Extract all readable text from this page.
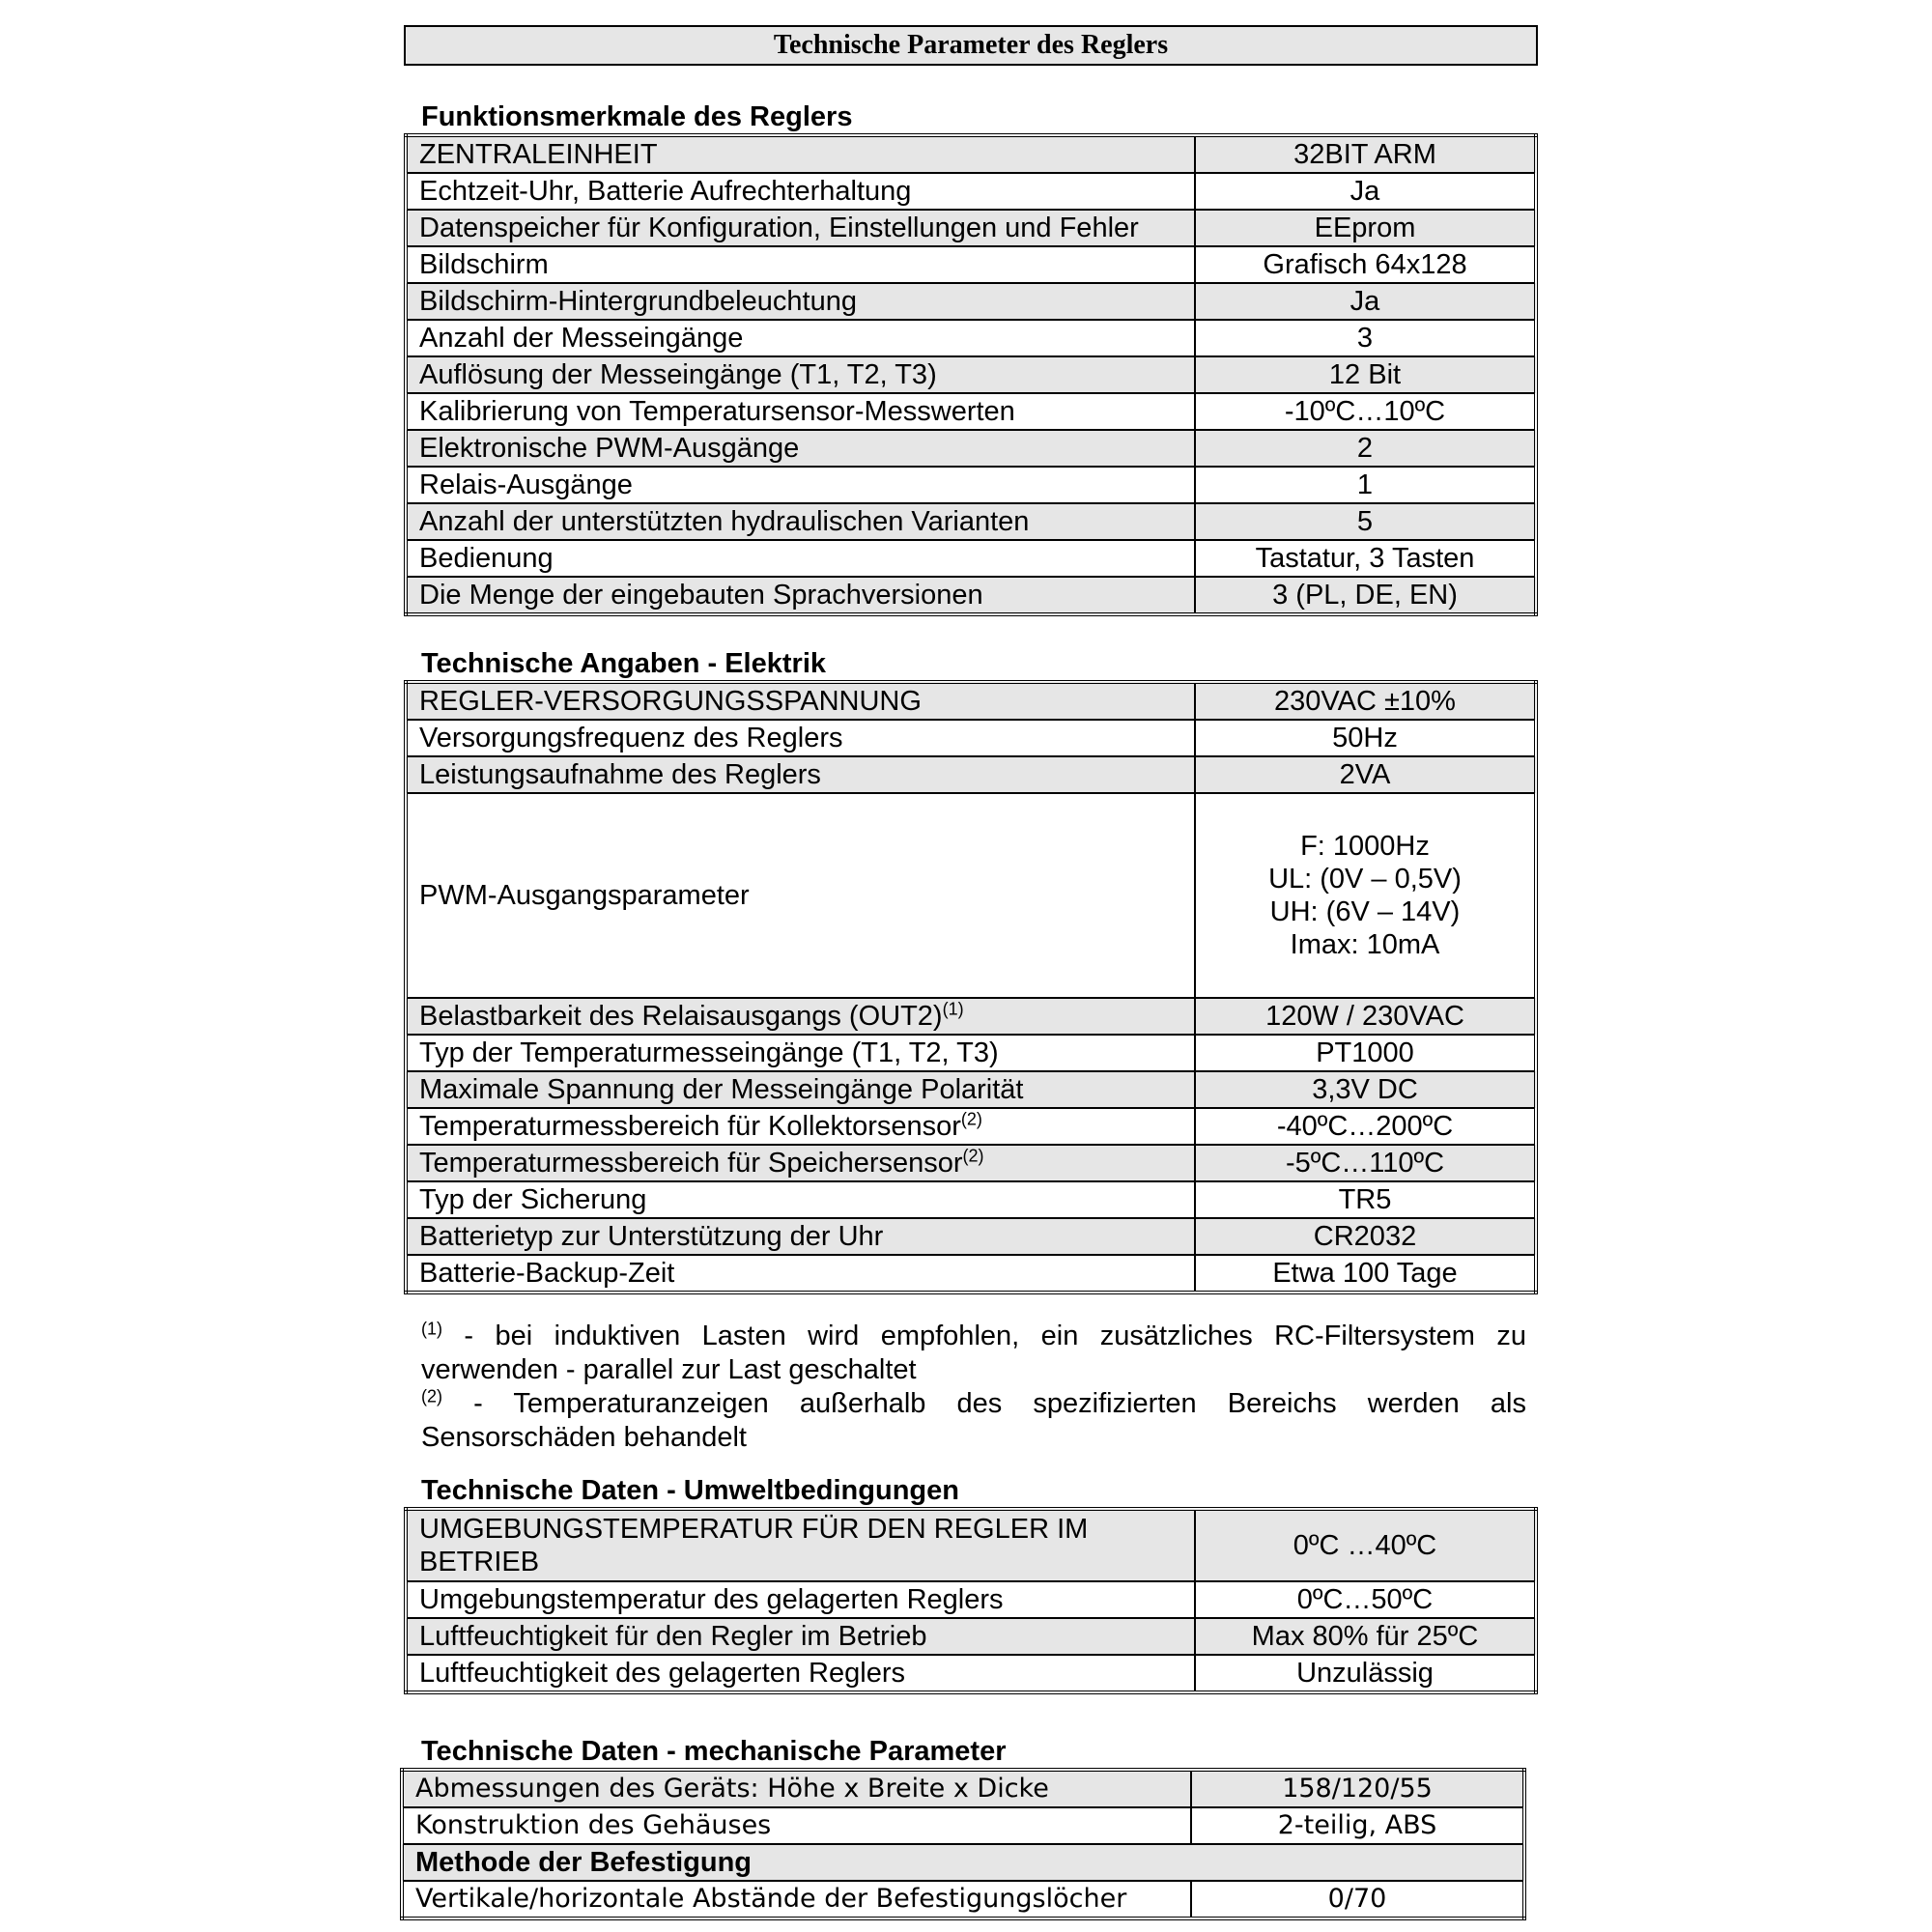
Technische Parameter des Reglers
Funktionsmerkmale des Reglers
ZENTRALEINHEIT	32BIT ARM
Echtzeit-Uhr, Batterie Aufrechterhaltung	Ja
Datenspeicher für Konfiguration, Einstellungen und Fehler	EEprom
Bildschirm	Grafisch 64x128
Bildschirm-Hintergrundbeleuchtung	Ja
Anzahl der Messeingänge	3
Auflösung der Messeingänge (T1, T2, T3)	12 Bit
Kalibrierung von Temperatursensor-Messwerten	-10ºC…10ºC
Elektronische PWM-Ausgänge	2
Relais-Ausgänge	1
Anzahl der unterstützten hydraulischen Varianten	5
Bedienung	Tastatur, 3 Tasten
Die Menge der eingebauten Sprachversionen	3 (PL, DE, EN)
Technische Angaben - Elektrik
REGLER-VERSORGUNGSSPANNUNG	230VAC ±10%
Versorgungsfrequenz des Reglers	50Hz
Leistungsaufnahme des Reglers	2VA
PWM-Ausgangsparameter	F: 1000Hz
UL: (0V – 0,5V)
UH: (6V – 14V)
Imax: 10mA

Belastbarkeit des Relaisausgangs $(OUT2)^{(1)}$	120W / 230VAC
Typ der Temperaturmesseingänge (T1, T2, T3)	PT1000
Maximale Spannung der Messeingänge Polarität	3,3V DC
Temperaturmessbereich für Kollektorsensor$^{(2)}$	-40ºC…200ºC
Temperaturmessbereich für Speichersensor$^{(2)}$	-5ºC…110ºC
Typ der Sicherung	TR5
Batterietyp zur Unterstützung der Uhr	CR2032
Batterie-Backup-Zeit	Etwa 100 Tage

$^{(1)}$ - bei induktiven Lasten wird empfohlen, ein zusätzliches RC-Filtersystem zu verwenden - parallel zur Last geschaltet

$^{(2)}$ - Temperaturanzeigen außerhalb des spezifizierten Bereichs werden als Sensorschäden behandelt

Technische Daten - Umweltbedingungen
UMGEBUNGSTEMPERATUR FÜR DEN REGLER IM BETRIEB	0ºC …40ºC
Umgebungstemperatur des gelagerten Reglers	0ºC…50ºC
Luftfeuchtigkeit für den Regler im Betrieb	Max 80% für 25ºC
Luftfeuchtigkeit des gelagerten Reglers	Unzulässig
Technische Daten - mechanische Parameter
Abmessungen des Geräts: Höhe x Breite x Dicke	158/120/55
Konstruktion des Gehäuses	2-teilig, ABS
Methode der Befestigung	
Vertikale/horizontale Abstände der Befestigungslöcher	0/70
